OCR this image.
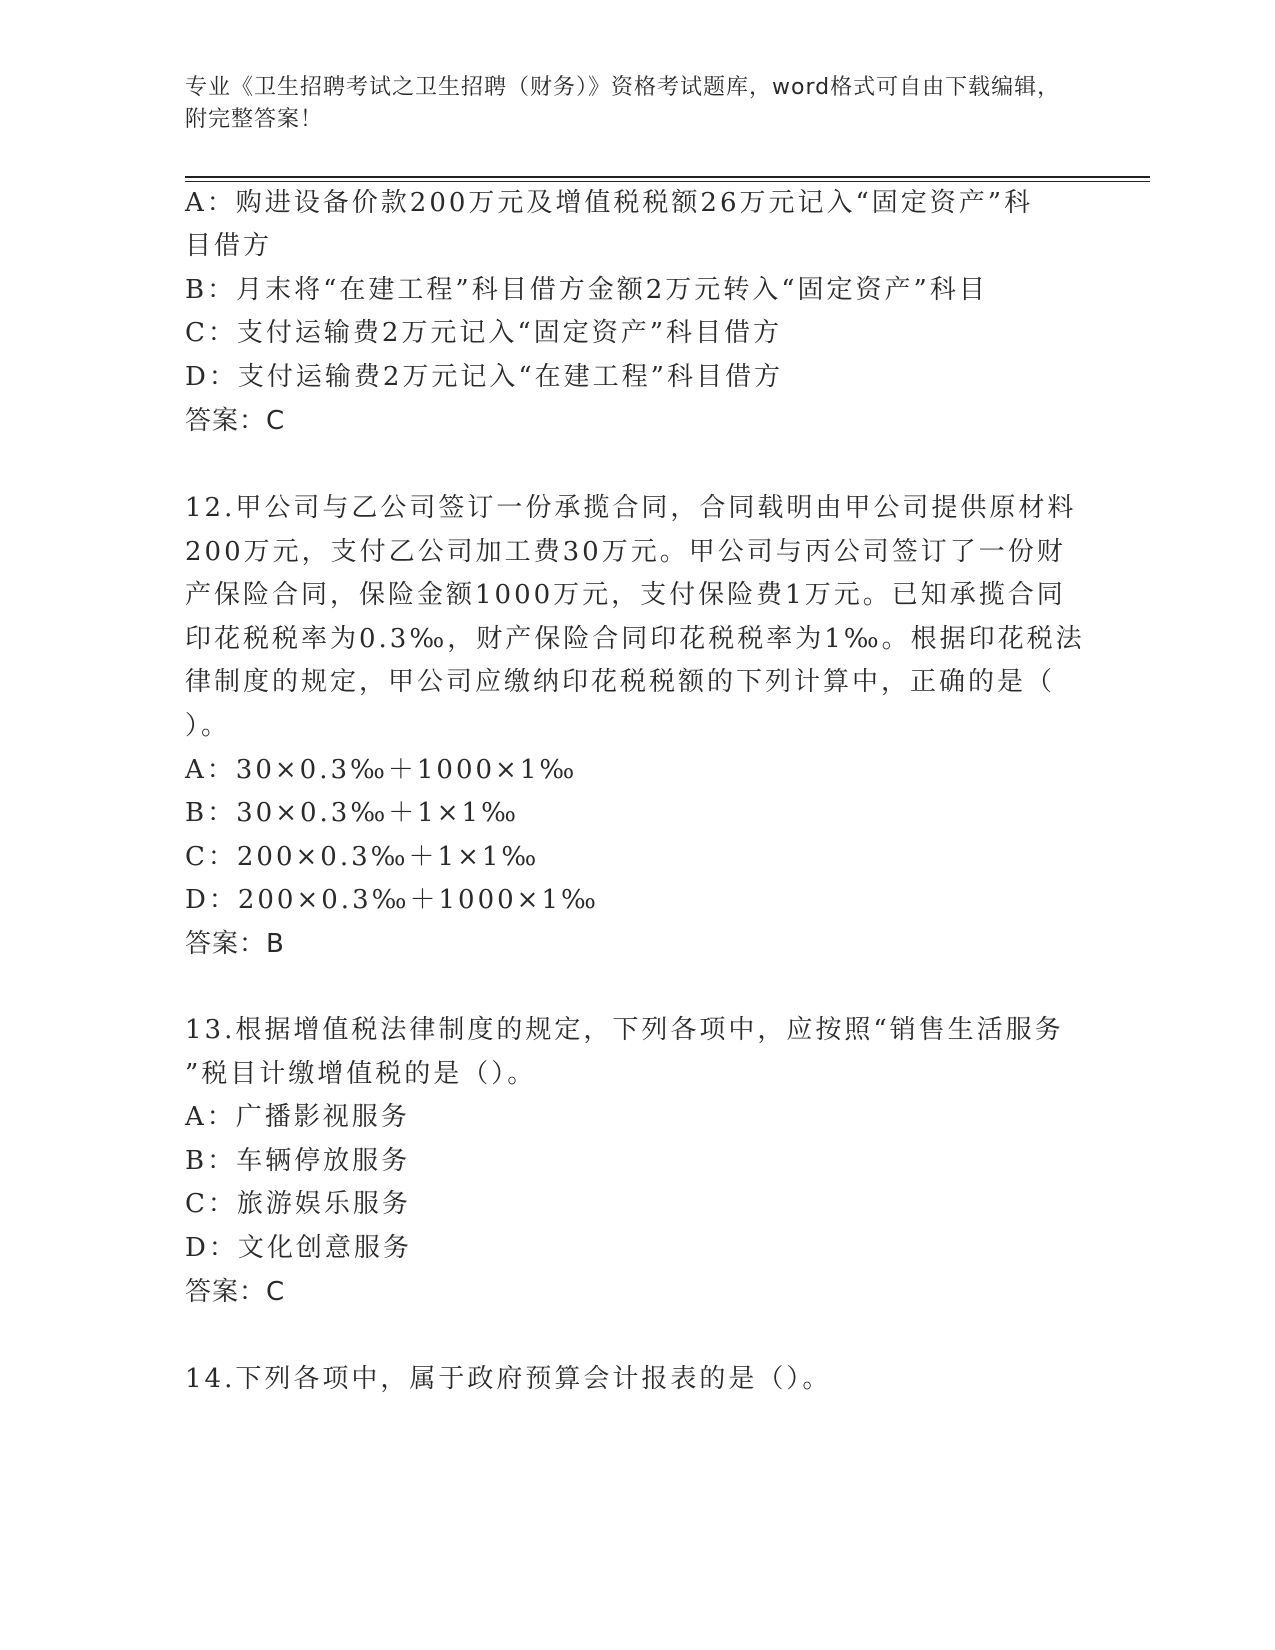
专业《卫生招聘考试之卫生招聘（财务）》资格考试题库，word格式可自由下载编辑，附完整答案！

A：购进设备价款200万元及增值税税额26万元记入“固定资产”科

目借方

B：月末将“在建工程”科目借方金额2万元转入“固定资产”科目

C：支付运输费2万元记入“固定资产”科目借方

D：支付运输费2万元记入“在建工程”科目借方

答案：C

12.甲公司与乙公司签订一份承揽合同，合同载明由甲公司提供原材料

200万元，支付乙公司加工费30万元。甲公司与丙公司签订了一份财

产保险合同，保险金额1000万元，支付保险费1万元。已知承揽合同

印花税税率为0.3‰，财产保险合同印花税税率为1‰。根据印花税法

律制度的规定，甲公司应缴纳印花税税额的下列计算中，正确的是（

）。

A：30×0.3‰＋1000×1‰

B：30×0.3‰＋1×1‰

C：200×0.3‰＋1×1‰

D：200×0.3‰＋1000×1‰

答案：B

13.根据增值税法律制度的规定，下列各项中，应按照“销售生活服务

”税目计缴增值税的是（）。

A：广播影视服务

B：车辆停放服务

C：旅游娱乐服务

D：文化创意服务

答案：C

14.下列各项中，属于政府预算会计报表的是（）。
